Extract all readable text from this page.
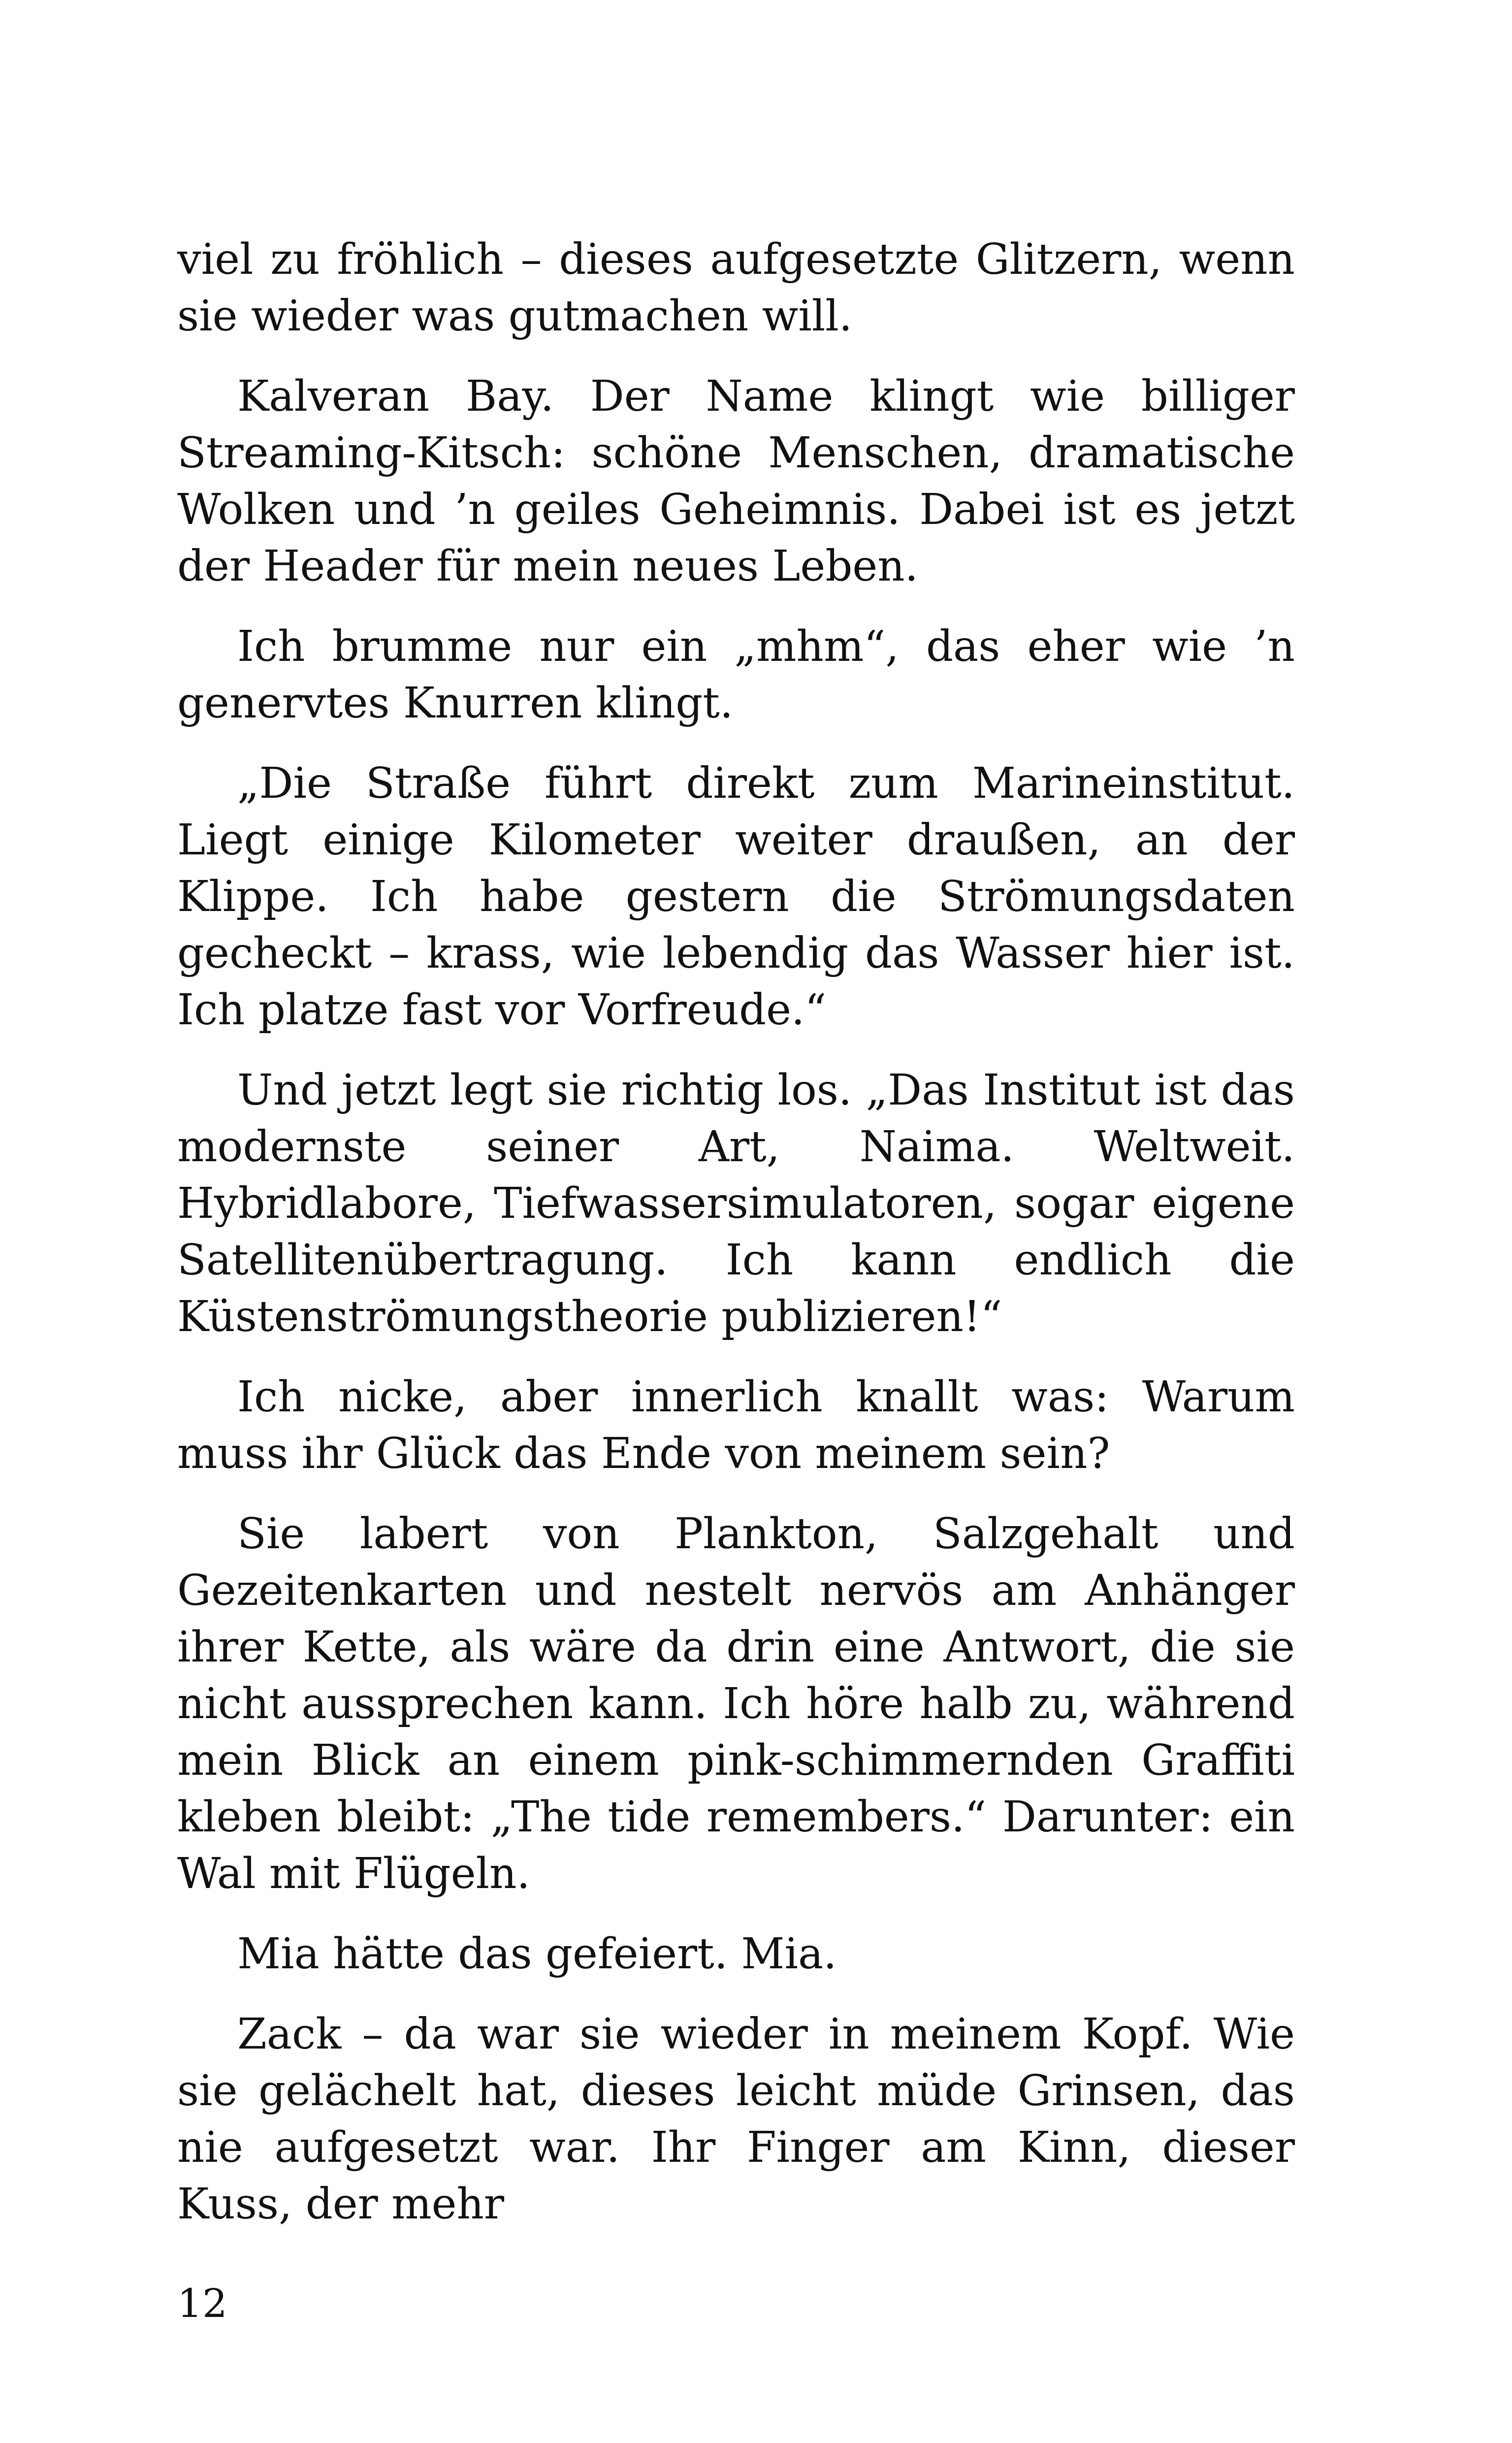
viel zu fröhlich – dieses aufgesetzte Glitzern, wenn sie wieder was gutmachen will.

Kalveran Bay. Der Name klingt wie billiger Streaming-Kitsch: schöne Menschen, dramatische Wolken und ’n geiles Geheimnis. Dabei ist es jetzt der Header für mein neues Leben.

Ich brumme nur ein „mhm“, das eher wie ’n genervtes Knurren klingt.

„Die Straße führt direkt zum Marineinstitut. Liegt einige Kilometer weiter draußen, an der Klippe. Ich habe gestern die Strömungsdaten gecheckt – krass, wie lebendig das Wasser hier ist. Ich platze fast vor Vorfreude.“

Und jetzt legt sie richtig los. „Das Institut ist das modernste seiner Art, Naima. Weltweit. Hybridlabore, Tiefwassersimulatoren, sogar eigene Satellitenübertragung. Ich kann endlich die Küstenströmungstheorie publizieren!“

Ich nicke, aber innerlich knallt was: Warum muss ihr Glück das Ende von meinem sein?

Sie labert von Plankton, Salzgehalt und Gezeitenkarten und nestelt nervös am Anhänger ihrer Kette, als wäre da drin eine Antwort, die sie nicht aussprechen kann. Ich höre halb zu, während mein Blick an einem pink-schimmernden Graffiti kleben bleibt: „The tide remembers.“ Darunter: ein Wal mit Flügeln.

Mia hätte das gefeiert. Mia.

Zack – da war sie wieder in meinem Kopf. Wie sie gelächelt hat, dieses leicht müde Grinsen, das nie aufgesetzt war. Ihr Finger am Kinn, dieser Kuss, der mehr

12
